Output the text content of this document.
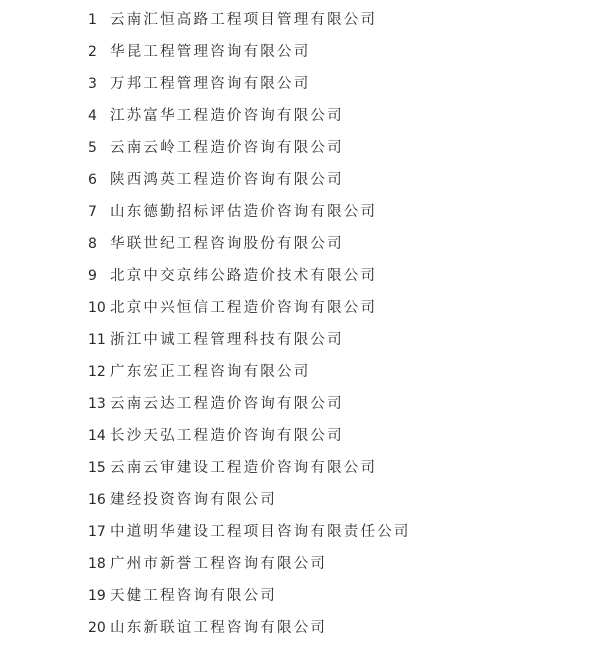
1 云南汇恒高路工程项目管理有限公司
2 华昆工程管理咨询有限公司
3 万邦工程管理咨询有限公司
4 江苏富华工程造价咨询有限公司
5 云南云岭工程造价咨询有限公司
6 陕西鸿英工程造价咨询有限公司
7 山东德勤招标评估造价咨询有限公司
8 华联世纪工程咨询股份有限公司
9 北京中交京纬公路造价技术有限公司
10 北京中兴恒信工程造价咨询有限公司
11 浙江中诚工程管理科技有限公司
12 广东宏正工程咨询有限公司
13 云南云达工程造价咨询有限公司
14 长沙天弘工程造价咨询有限公司
15 云南云审建设工程造价咨询有限公司
16 建经投资咨询有限公司
17 中道明华建设工程项目咨询有限责任公司
18 广州市新誉工程咨询有限公司
19 天健工程咨询有限公司
20 山东新联谊工程咨询有限公司
